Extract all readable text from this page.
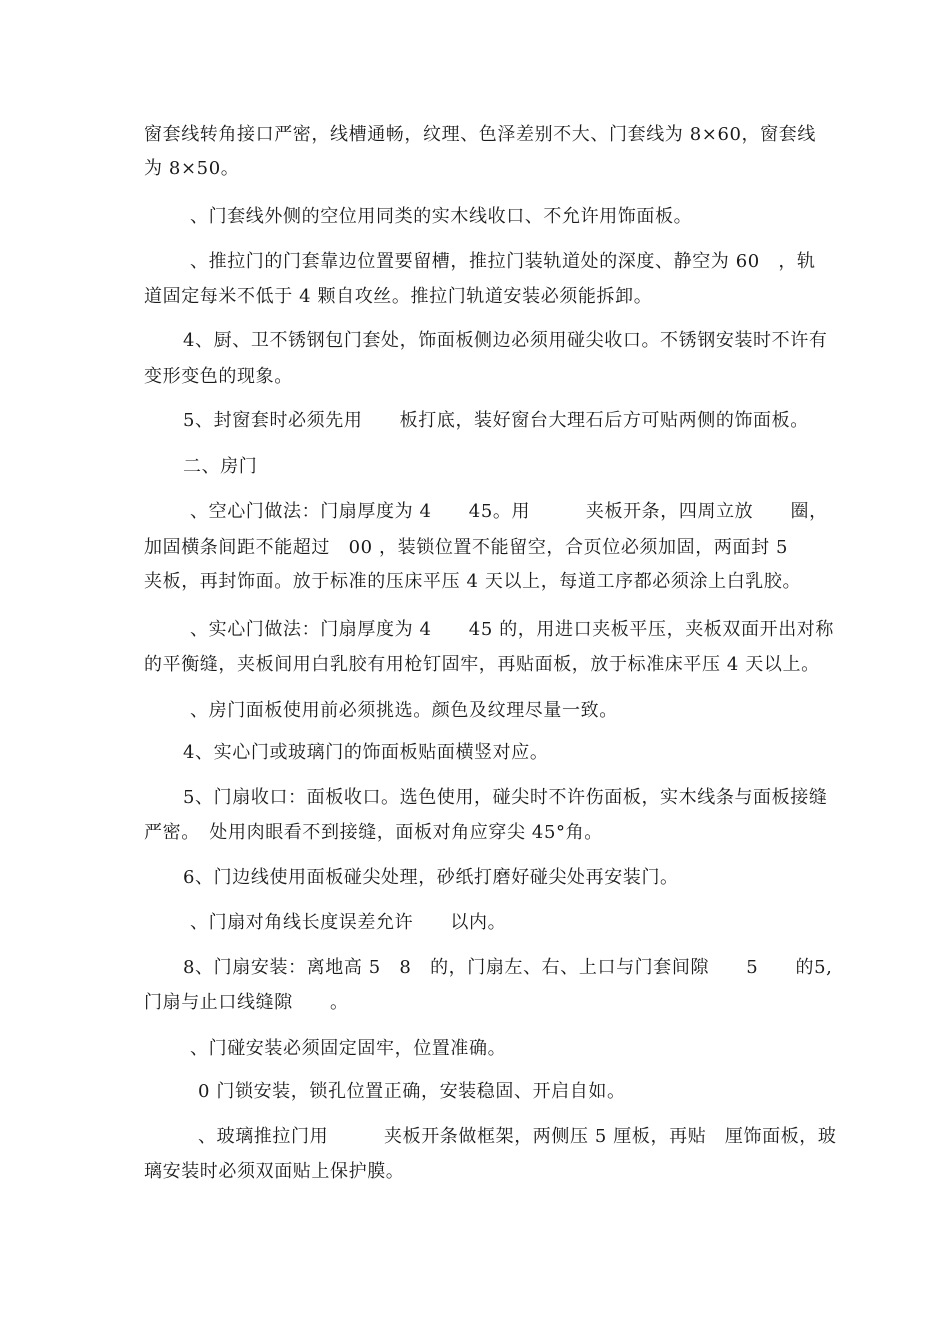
窗套线转角接口严密，线槽通畅，纹理、色泽差别不大、门套线为 8×60，窗套线
为 8×50。
、门套线外侧的空位用同类的实木线收口、不允许用饰面板。
、推拉门的门套靠边位置要留槽，推拉门装轨道处的深度、静空为 60　，轨
道固定每米不低于 4 颗自攻丝。推拉门轨道安装必须能拆卸。
4、厨、卫不锈钢包门套处，饰面板侧边必须用碰尖收口。不锈钢安装时不许有
变形变色的现象。
5、封窗套时必须先用　　板打底，装好窗台大理石后方可贴两侧的饰面板。
二、房门
、空心门做法：门扇厚度为 4　　45。用　　　夹板开条，四周立放　　圈，
加固横条间距不能超过　00 ，装锁位置不能留空，合页位必须加固，两面封 5
夹板，再封饰面。放于标准的压床平压 4 天以上，每道工序都必须涂上白乳胶。
、实心门做法：门扇厚度为 4　　45 的，用进口夹板平压，夹板双面开出对称
的平衡缝，夹板间用白乳胶有用枪钉固牢，再贴面板，放于标准床平压 4 天以上。
、房门面板使用前必须挑选。颜色及纹理尽量一致。
4、实心门或玻璃门的饰面板贴面横竖对应。
5、门扇收口：面板收口。选色使用，碰尖时不许伤面板，实木线条与面板接缝
严密。　处用肉眼看不到接缝，面板对角应穿尖 45°角。
6、门边线使用面板碰尖处理，砂纸打磨好碰尖处再安装门。
、门扇对角线长度误差允许　　以内。
8、门扇安装：离地高 5　8　的，门扇左、右、上口与门套间隙　　5　　的5,
门扇与止口线缝隙　　。
、门碰安装必须固定固牢，位置准确。
0 门锁安装，锁孔位置正确，安装稳固、开启自如。
、玻璃推拉门用　　　夹板开条做框架，两侧压 5 厘板，再贴　厘饰面板，玻
璃安装时必须双面贴上保护膜。
